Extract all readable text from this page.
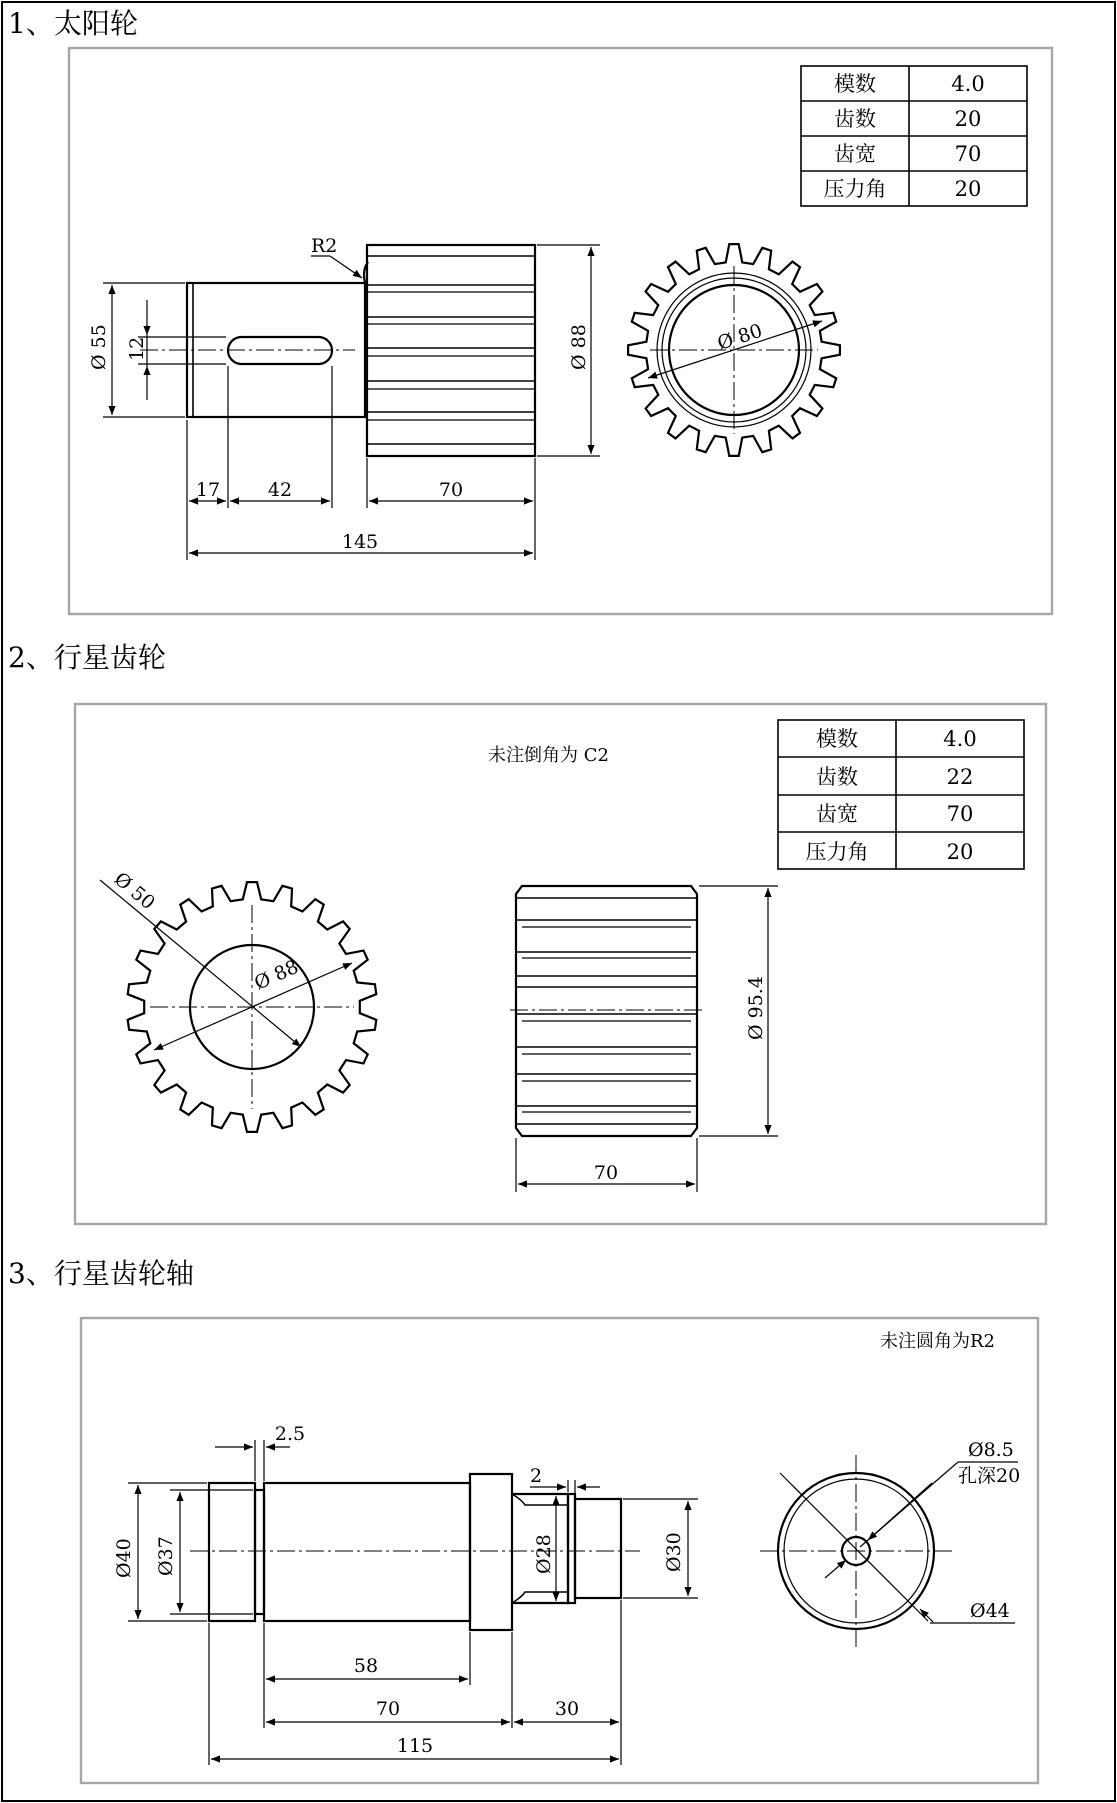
1、太阳轮
模数	4.0
齿数	20
齿宽	70
压力角	20
R2
Ø 55 12	Ø 88
17	42	70
145
Ø 80
2、行星齿轮
未注倒角为 C2
模数	4.0
齿数	22
齿宽	70
压力角	20
Ø 88
Ø 50
Ø 95.4
70
3、行星齿轮轴
未注圆角为R2
Ø40 Ø37	Ø28	Ø30
2.5
2
58
70	30
115
Ø8.5
孔深20
Ø44
